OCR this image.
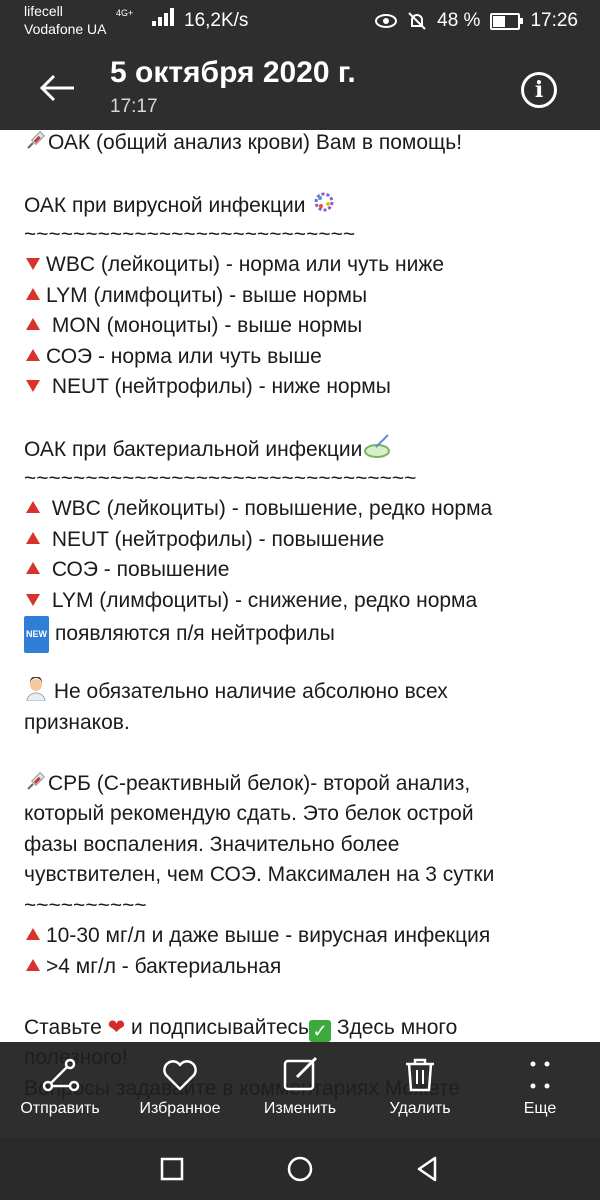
lifecell
Vodafone UA
4G+	16,2K/s	48 %	17:26
5 октября 2020 г.
17:17
i
ОАК (общий анализ крови) Вам в помощь!
ОАК при вирусной инфекции
~~~~~~~~~~~~~~~~~~~~~~~~~~~
WBC (лейкоциты) - норма или чуть ниже
LYM (лимфоциты) - выше нормы
MON (моноциты) - выше нормы
СОЭ - норма или чуть выше
NEUT (нейтрофилы) - ниже нормы
ОАК при бактериальной инфекции
~~~~~~~~~~~~~~~~~~~~~~~~~~~~~~~~
WBC (лейкоциты) - повышение, редко норма
NEUT (нейтрофилы) - повышение
СОЭ - повышение
LYM (лимфоциты) - снижение, редко норма
NEW появляются п/я нейтрофилы
Не обязательно наличие абсолюно всех
признаков.
СРБ (С-реактивный белок)- второй анализ,
который рекомендую сдать. Это белок острой
фазы воспаления. Значительно более
чувствителен, чем СОЭ. Максимален на 3 сутки
~~~~~~~~~~
10-30 мг/л и даже выше - вирусная инфекция
>4 мг/л - бактериальная
Ставьте ❤ и подписывайтесь ✓ Здесь много
Отправить	Избранное	Изменить	Удалить	Еще
